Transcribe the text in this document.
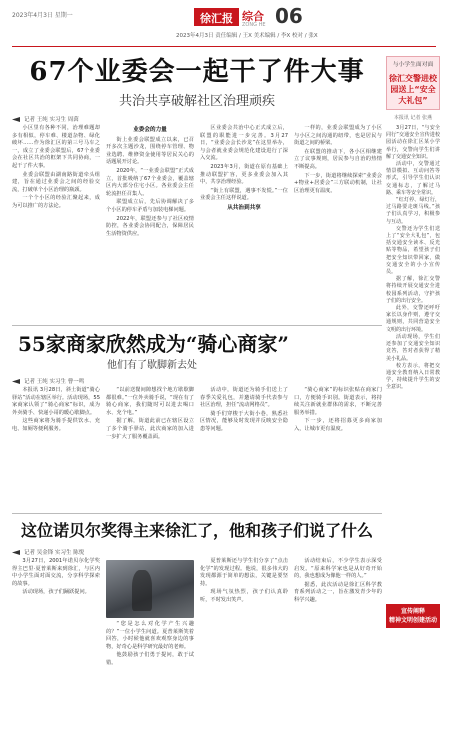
2023年4月3日 星期一	徐汇报 综合
ZONG HE 06
2023年4月3日 责任编辑 / 王X 美术编辑 / 李X 校对 / 张X
67个业委会一起干了件大事
共治共享破解社区治理顽疾
记者 王纯 实习生 周茵

小区里有各种不同，治理难题却多有相似，停车难、楼道杂物、绿化破坏……作为徐汇区的第三号马车之一，成立了业委会联盟后，67个业委会在社区共治的框架下共同协商，一起干了件大事。

业委会联盟由湖南路街道牵头组建，旨在通过业委会之间的经验交流，打破单个小区治理的瓶颈。

一个个小区的经验汇聚起来，成为可以推广的方法论。

业委会的力量

街上业委会联盟成立以来，已召开多次主题沙龙，围绕停车管理、物业选聘、维修资金使用等居民关心的话题展开讨论。

2020年，“一业委会联盟”正式成立，首批吸纳了67个业委会，覆盖辖区内大部分住宅小区。各业委会主任轮流担任召集人。

联盟成立后，先后协调解决了多个小区的停车矛盾与加装电梯问题。

2022年，联盟还参与了社区疫情防控，各业委会协同配合，保障居民生活物资供应。

区业委会共治中心正式成立后，联盟的职能进一步完善。3月27日，“业委会会长沙龙”在这里举办，与会者就业委会规范化建设进行了深入交流。

2023年3月，街道在原有基础上推动联盟扩容，更多业委会加入其中，共享治理经验。

“街上有联盟，遇事不发慌。”一位业委会主任这样说道。

从共治到共享

一样的，业委会联盟成为了小区与小区之间沟通的纽带，也是居民与街道之间的桥梁。

在联盟的推动下，各小区相继建立了议事规则，居民参与自治的热情不断提高。

下一步，街道将继续探索“业委会+物业+居委会”三方联动机制，让社区治理更有温度。

55家商家欣然成为“骑心商家”
他们有了歇脚新去处
记者 王纯 实习生 曹一鸣

本报讯 3月28日，斜土街道“骑心驿站”活动在辖区举行。活动现场，55家商家认领了“骑心商家”标识，成为外卖骑手、快递小哥的暖心歇脚点。

这些商家将为骑手提供饮水、充电、如厕等便利服务。

“以前送餐间隙想找个地方歇歇脚都很难。”一位外卖骑手说，“现在有了骑心商家，我们随时可以进去喝口水、充个电。”

据了解，街道此前已在辖区设立了多个骑手驿站，此次商家的加入进一步扩大了服务覆盖面。

活动中，街道还为骑手们送上了春季关爱礼包，并邀请骑手代表参与社区治理，担任“流动网格员”。

骑手们穿梭于大街小巷，熟悉社区情况，能够及时发现并反映安全隐患等问题。

“骑心商家”的标识张贴在商家门口，方便骑手识别。街道表示，将持续关注新就业群体的需求，不断完善服务举措。

下一步，还将招募更多商家加入，让城市更有温度。

这位诺贝尔奖得主来徐汇了，他和孩子们说了什么
记者 吴金锋 实习生 陈悦

3月27日，2001年诺贝尔化学奖得主巴里·夏普莱斯来到徐汇，与区内中小学生面对面交流，分享科学探索的故事。

活动现场，孩子们踊跃提问。

“您是怎么对化学产生兴趣的？”一位小学生问道。夏普莱斯笑着回答，小时候他就喜欢观察身边的事物，好奇心是科学研究最好的老师。

他鼓励孩子们勇于提问，敢于试错。

夏普莱斯还与学生们分享了“点击化学”的发现过程。他说，很多伟大的发现都源于简单的想法，关键是要坚持。

现场气氛热烈，孩子们认真聆听，不时发出笑声。

活动结束后，不少学生表示深受启发。“原来科学家也是从好奇开始的，我也想成为像他一样的人。”

据悉，此次活动是徐汇区科学教育系列活动之一，旨在激发青少年的科学兴趣。

与小学生面对面
徐汇交警进校园送上“安全大礼包”
本报讯 记者 张燕

3月27日，“与安全同行”交通安全宣传进校园活动在徐汇区某小学举行，交警向学生们讲解了交通安全知识。

活动中，交警通过情景模拟、互动问答等形式，引导学生们认识交通标志，了解过马路、乘车等安全常识。

“红灯停、绿灯行，过马路要走斑马线。”孩子们认真学习，积极参与互动。

交警还为学生们送上了“安全大礼包”，包括交通安全读本、反光贴等物品，希望孩子们把安全知识带回家，做交通安全的小小宣传员。

据了解，徐汇交警将持续开展交通安全进校园系列活动，守护孩子们的出行安全。

此外，交警还呼吁家长以身作则，遵守交通规则，共同营造安全文明的出行环境。

活动现场，学生们还参加了交通安全知识竞答，答对者获得了精美小礼品。

校方表示，将把交通安全教育纳入日常教学，持续提升学生的安全意识。

宣传阐释
精神文明创建活动
